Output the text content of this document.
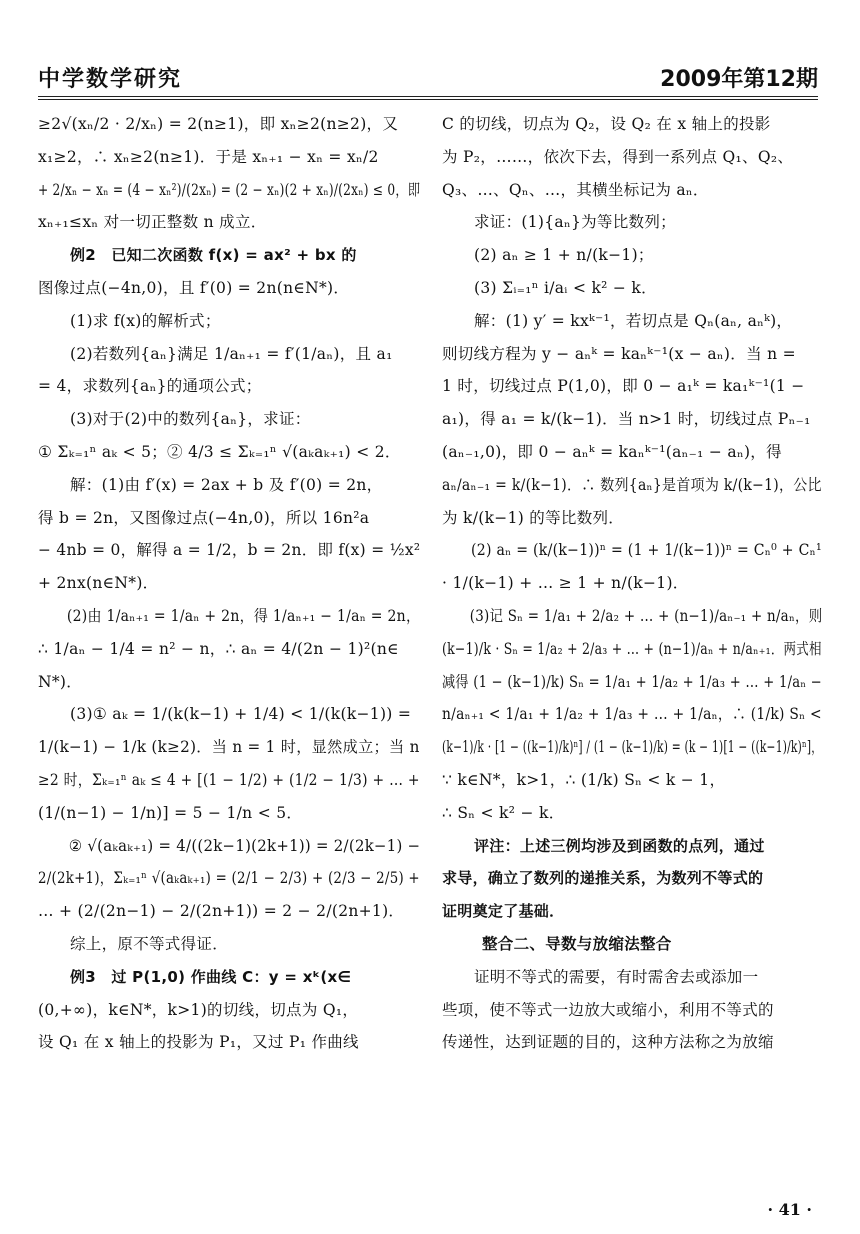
中学数学研究	2009年第12期
≥2√(xₙ/2 · 2/xₙ) = 2(n≥1)，即 xₙ≥2(n≥2)，又
x₁≥2，∴ xₙ≥2(n≥1)．于是 xₙ₊₁ − xₙ = xₙ/2
+ 2/xₙ − xₙ = (4 − xₙ²)/(2xₙ) = (2 − xₙ)(2 + xₙ)/(2xₙ) ≤ 0，即
xₙ₊₁≤xₙ 对一切正整数 n 成立．
例2　已知二次函数 f(x) = ax² + bx 的
图像过点(−4n,0)，且 f′(0) = 2n(n∈N*)．
(1)求 f(x)的解析式；
(2)若数列{aₙ}满足 1/aₙ₊₁ = f′(1/aₙ)，且 a₁
= 4，求数列{aₙ}的通项公式；
(3)对于(2)中的数列{aₙ}，求证：
① Σₖ₌₁ⁿ aₖ < 5；② 4/3 ≤ Σₖ₌₁ⁿ √(aₖaₖ₊₁) < 2．
解：(1)由 f′(x) = 2ax + b 及 f′(0) = 2n，
得 b = 2n，又图像过点(−4n,0)，所以 16n²a
− 4nb = 0，解得 a = 1/2，b = 2n．即 f(x) = ½x²
+ 2nx(n∈N*)．
(2)由 1/aₙ₊₁ = 1/aₙ + 2n，得 1/aₙ₊₁ − 1/aₙ = 2n，
∴ 1/aₙ − 1/4 = n² − n，∴ aₙ = 4/(2n − 1)²(n∈
N*)．
(3)① aₖ = 1/(k(k−1) + 1/4) < 1/(k(k−1)) =
1/(k−1) − 1/k (k≥2)．当 n = 1 时，显然成立；当 n
≥2 时，Σₖ₌₁ⁿ aₖ ≤ 4 + [(1 − 1/2) + (1/2 − 1/3) + … +
(1/(n−1) − 1/n)] = 5 − 1/n < 5．
② √(aₖaₖ₊₁) = 4/((2k−1)(2k+1)) = 2/(2k−1) −
2/(2k+1)，Σₖ₌₁ⁿ √(aₖaₖ₊₁) = (2/1 − 2/3) + (2/3 − 2/5) +
… + (2/(2n−1) − 2/(2n+1)) = 2 − 2/(2n+1)．
综上，原不等式得证．
例3　过 P(1,0) 作曲线 C：y = xᵏ(x∈
(0,+∞)，k∈N*，k>1)的切线，切点为 Q₁，
设 Q₁ 在 x 轴上的投影为 P₁，又过 P₁ 作曲线
C 的切线，切点为 Q₂，设 Q₂ 在 x 轴上的投影
为 P₂，……，依次下去，得到一系列点 Q₁、Q₂、
Q₃、…、Qₙ、…，其横坐标记为 aₙ．
求证：(1){aₙ}为等比数列；
(2) aₙ ≥ 1 + n/(k−1)；
(3) Σᵢ₌₁ⁿ i/aᵢ < k² − k．
解：(1) y′ = kxᵏ⁻¹，若切点是 Qₙ(aₙ, aₙᵏ)，
则切线方程为 y − aₙᵏ = kaₙᵏ⁻¹(x − aₙ)．当 n =
1 时，切线过点 P(1,0)，即 0 − a₁ᵏ = ka₁ᵏ⁻¹(1 −
a₁)，得 a₁ = k/(k−1)．当 n>1 时，切线过点 Pₙ₋₁
(aₙ₋₁,0)，即 0 − aₙᵏ = kaₙᵏ⁻¹(aₙ₋₁ − aₙ)，得
aₙ/aₙ₋₁ = k/(k−1)．∴ 数列{aₙ}是首项为 k/(k−1)，公比
为 k/(k−1) 的等比数列．
(2) aₙ = (k/(k−1))ⁿ = (1 + 1/(k−1))ⁿ = Cₙ⁰ + Cₙ¹
· 1/(k−1) + … ≥ 1 + n/(k−1)．
(3)记 Sₙ = 1/a₁ + 2/a₂ + … + (n−1)/aₙ₋₁ + n/aₙ，则
(k−1)/k · Sₙ = 1/a₂ + 2/a₃ + … + (n−1)/aₙ + n/aₙ₊₁．两式相
减得 (1 − (k−1)/k) Sₙ = 1/a₁ + 1/a₂ + 1/a₃ + … + 1/aₙ −
n/aₙ₊₁ < 1/a₁ + 1/a₂ + 1/a₃ + … + 1/aₙ，∴ (1/k) Sₙ <
(k−1)/k · [1 − ((k−1)/k)ⁿ] / (1 − (k−1)/k) = (k − 1)[1 − ((k−1)/k)ⁿ]，
∵ k∈N*，k>1，∴ (1/k) Sₙ < k − 1，
∴ Sₙ < k² − k．
评注：上述三例均涉及到函数的点列，通过
求导，确立了数列的递推关系，为数列不等式的
证明奠定了基础．
整合二、导数与放缩法整合
证明不等式的需要，有时需舍去或添加一
些项，使不等式一边放大或缩小，利用不等式的
传递性，达到证题的目的，这种方法称之为放缩
· 41 ·
